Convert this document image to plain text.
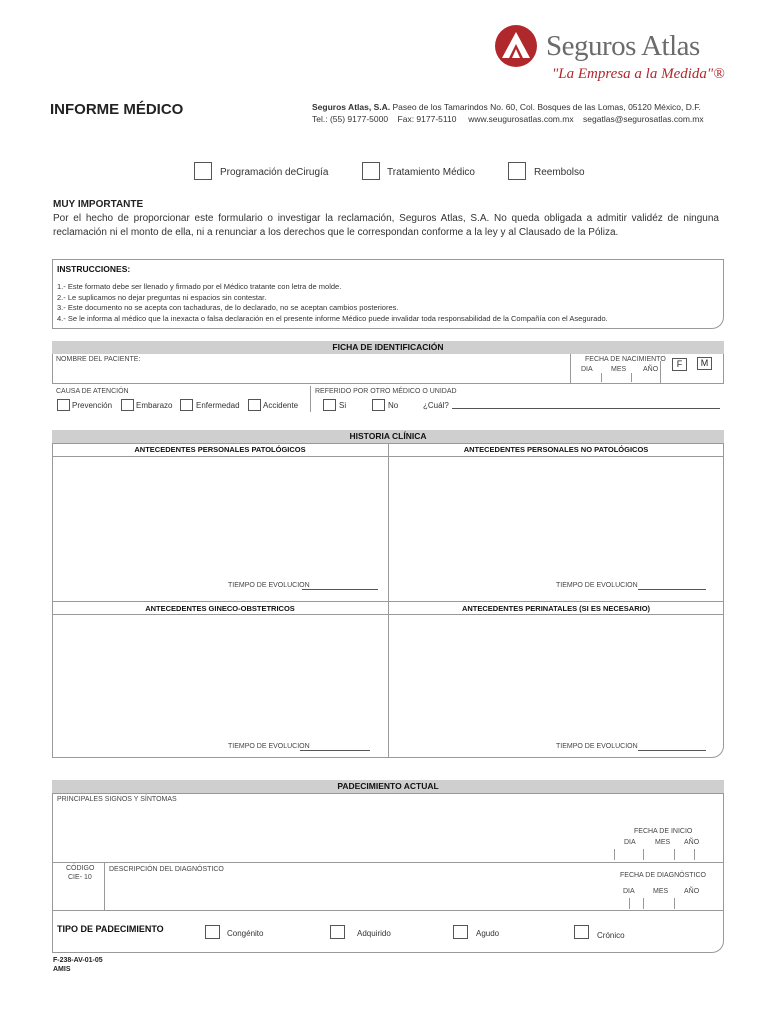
Seguros Atlas
"La Empresa a la Medida"®
INFORME MÉDICO	Seguros Atlas, S.A. Paseo de los Tamarindos No. 60, Col. Bosques de las Lomas, 05120 México, D.F.
Tel.: (55) 9177-5000    Fax: 9177-5110     www.seugurosatlas.com.mx    segatlas@segurosatlas.com.mx
Programación deCirugía	Tratamiento Médico	Reembolso
MUY IMPORTANTE
Por el hecho de proporcionar este formulario o investigar la reclamación, Seguros Atlas, S.A. No queda obligada a admitir validéz de ninguna reclamación ni el monto de ella, ni a renunciar a los derechos que le correspondan conforme a la ley y al Clausado de la Póliza.
INSTRUCCIONES:
1.- Este formato debe ser llenado y firmado por el Médico tratante con letra de molde.
2.- Le suplicamos no dejar preguntas ni espacios sin contestar.
3.- Este documento no se acepta con tachaduras, de lo declarado, no se aceptan cambios posteriores.
4.- Se le informa al médico que la inexacta o falsa declaración en el presente informe Médico puede invalidar toda responsabilidad de la Compañía con el Asegurado.
FICHA DE IDENTIFICACIÓN
NOMBRE DEL PACIENTE:	FECHA DE NACIMIENTO
DIA	MES AÑO
F	M
CAUSA DE ATENCIÓN	REFERIDO POR OTRO MÉDICO O UNIDAD
Prevención	Embarazo	Enfermedad	Accidente	Si	No	¿Cuál?
HISTORIA CLÍNICA
ANTECEDENTES PERSONALES PATOLÓGICOS	ANTECEDENTES PERSONALES NO PATOLÓGICOS
ANTECEDENTES GINECO-OBSTETRICOS	ANTECEDENTES PERINATALES (SI ES NECESARIO)
TIEMPO DE EVOLUCION	TIEMPO DE EVOLUCION
TIEMPO DE EVOLUCION	TIEMPO DE EVOLUCION
PADECIMIENTO ACTUAL
PRINCIPALES SIGNOS Y SÍNTOMAS
FECHA DE INICIO
DIA	MES AÑO
CÓDIGO
CIE- 10
DESCRIPCIÓN DEL DIAGNÓSTICO
FECHA DE DIAGNÓSTICO
DIA	MES AÑO
TIPO DE PADECIMIENTO	Congénito	Adquirido	Agudo	Crónico
F-238-AV-01-05
AMIS
